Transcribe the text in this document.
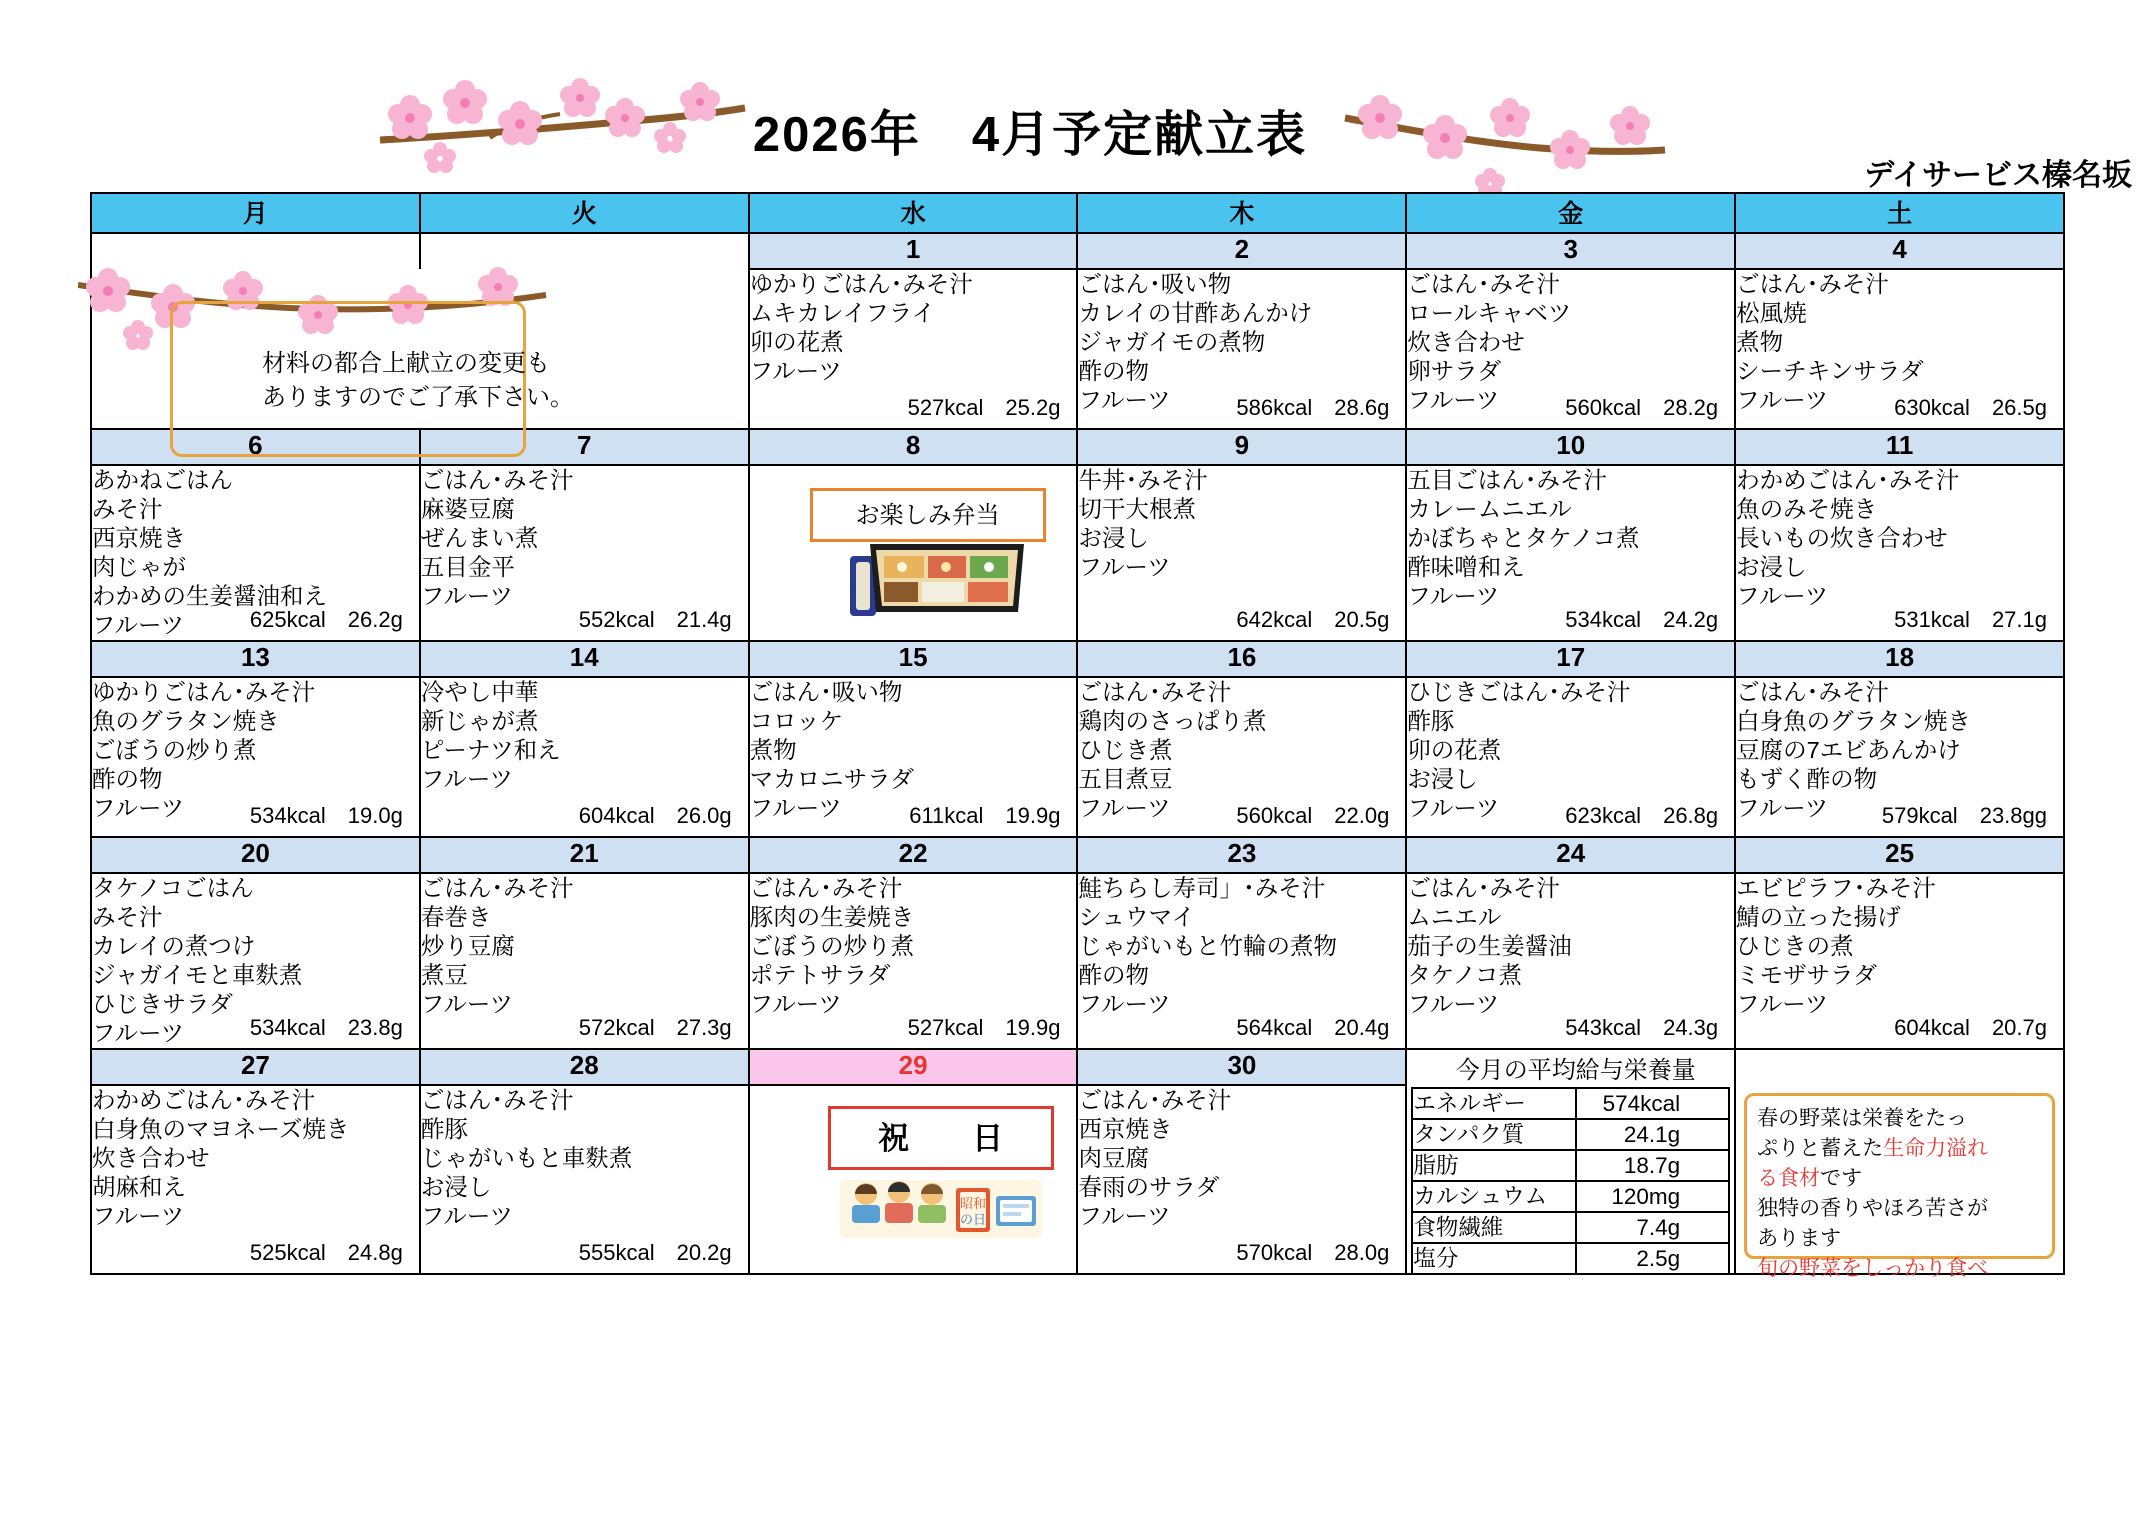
2026年　4月予定献立表
デイサービス榛名坂
月	火	水	木	金	土
		1	2	3	4

材料の都合上献立の変更も
ありますのでご了承下さい。

ゆかりごはん･みそ汁
ムキカレイフライ
卯の花煮
フルーツ
527kcal 25.2g

ごはん･吸い物
カレイの甘酢あんかけ
ジャガイモの煮物
酢の物
フルーツ	586kcal 28.6g

ごはん･みそ汁
ロールキャベツ
炊き合わせ
卵サラダ
フルーツ	560kcal 28.2g

ごはん･みそ汁
松風焼
煮物
シーチキンサラダ
フルーツ	630kcal 26.5g

6	7	8	9	10	11

あかねごはん
みそ汁
西京焼き
肉じゃが
わかめの生姜醤油和え
フルーツ	625kcal 26.2g

ごはん･みそ汁
麻婆豆腐
ぜんまい煮
五目金平
フルーツ
552kcal 21.4g

お楽しみ弁当

牛丼･みそ汁
切干大根煮
お浸し
フルーツ
642kcal 20.5g

五目ごはん･みそ汁
カレームニエル
かぼちゃとタケノコ煮
酢味噌和え
フルーツ
534kcal 24.2g

わかめごはん･みそ汁
魚のみそ焼き
長いもの炊き合わせ
お浸し
フルーツ
531kcal 27.1g

13	14	15	16	17	18

ゆかりごはん･みそ汁
魚のグラタン焼き
ごぼうの炒り煮
酢の物
フルーツ	534kcal 19.0g

冷やし中華
新じゃが煮
ピーナツ和え
フルーツ
604kcal 26.0g

ごはん･吸い物
コロッケ
煮物
マカロニサラダ
フルーツ	611kcal 19.9g

ごはん･みそ汁
鶏肉のさっぱり煮
ひじき煮
五目煮豆
フルーツ	560kcal 22.0g

ひじきごはん･みそ汁
酢豚
卯の花煮
お浸し
フルーツ	623kcal 26.8g

ごはん･みそ汁
白身魚のグラタン焼き
豆腐の7エビあんかけ
もずく酢の物
フルーツ	579kcal 23.8gg

20	21	22	23	24	25

タケノコごはん
みそ汁
カレイの煮つけ
ジャガイモと車麩煮
ひじきサラダ
フルーツ	534kcal 23.8g

ごはん･みそ汁
春巻き
炒り豆腐
煮豆
フルーツ
572kcal 27.3g

ごはん･みそ汁
豚肉の生姜焼き
ごぼうの炒り煮
ポテトサラダ
フルーツ
527kcal 19.9g

鮭ちらし寿司」･みそ汁
シュウマイ
じゃがいもと竹輪の煮物
酢の物
フルーツ
564kcal 20.4g

ごはん･みそ汁
ムニエル
茄子の生姜醤油
タケノコ煮
フルーツ
543kcal 24.3g

エビピラフ･みそ汁
鯖の立った揚げ
ひじきの煮
ミモザサラダ
フルーツ
604kcal 20.7g

27	28	29	30	今月の平均給与栄養量	

わかめごはん･みそ汁
白身魚のマヨネーズ焼き
炊き合わせ
胡麻和え
フルーツ
525kcal 24.8g

ごはん･みそ汁
酢豚
じゃがいもと車麩煮
お浸し
フルーツ
555kcal 20.2g

祝　日
昭和
の日

ごはん･みそ汁
西京焼き
肉豆腐
春雨のサラダ
フルーツ
570kcal 28.0g

エネルギー	574kcal
タンパク質	24.1g
脂肪	18.7g
カルシュウム	120mg
食物繊維	7.4g
塩分	2.5g

春の野菜は栄養をたっ
ぷりと蓄えた生命力溢れ
る食材です
独特の香りやほろ苦さが
あります
旬の野菜をしっかり食べ
